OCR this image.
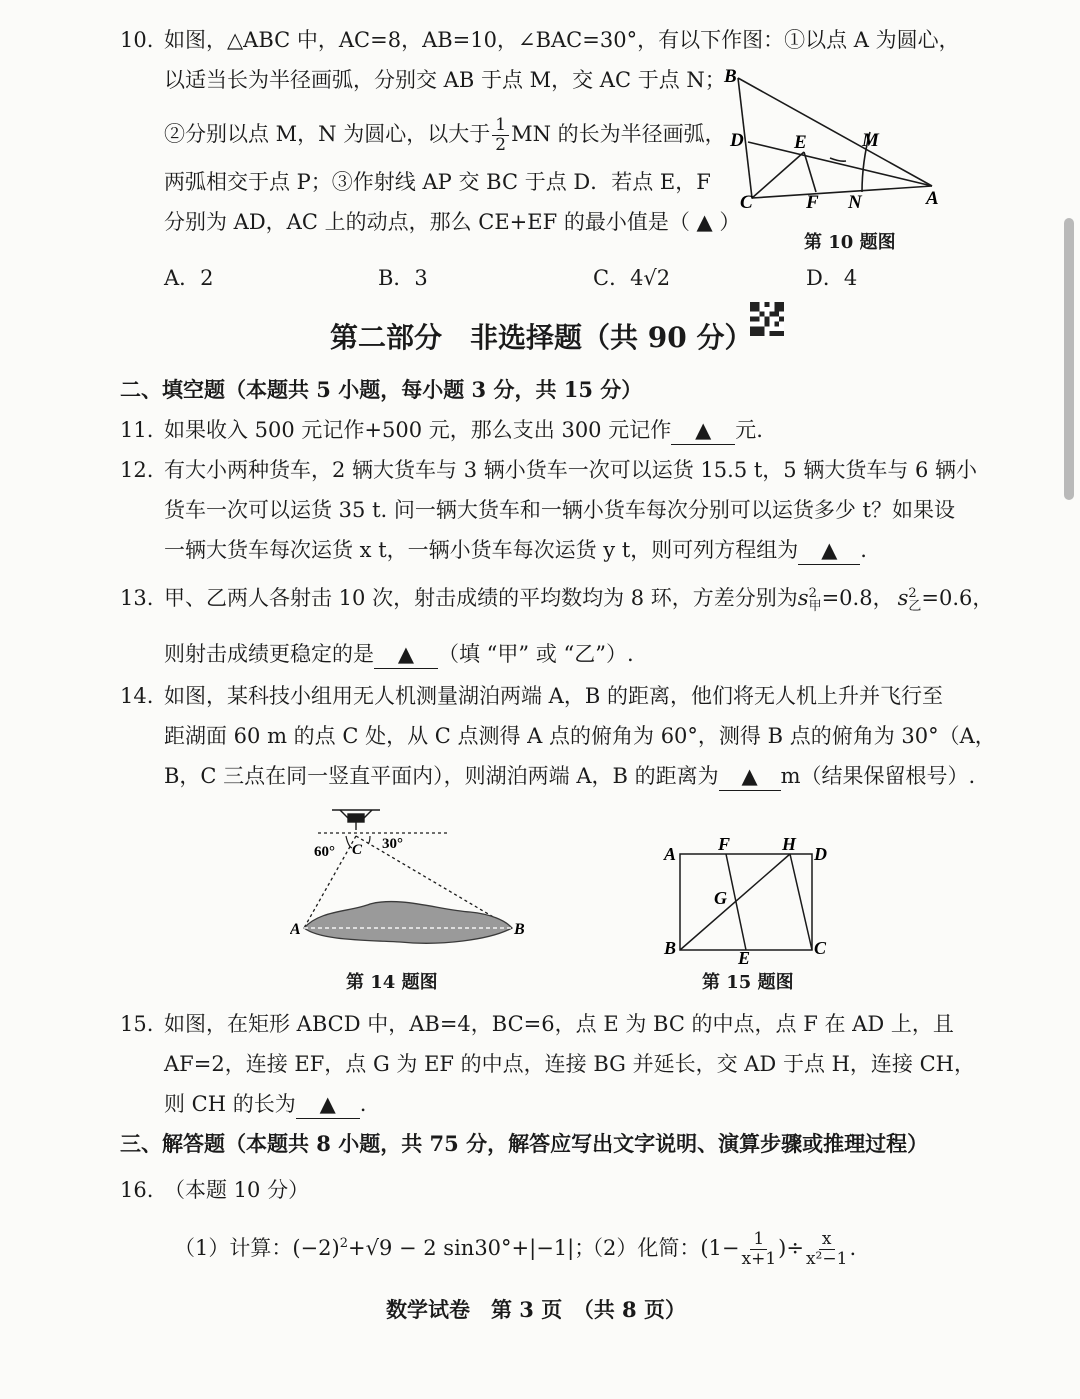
10. 如图，△ABC 中，AC=8，AB=10，∠BAC=30°，有以下作图：①以点 A 为圆心，
以适当长为半径画弧，分别交 AB 于点 M，交 AC 于点 N；
②分别以点 M，N 为圆心，以大于 $\frac{1}{2}$ MN 的长为半径画弧，
两弧相交于点 P；③作射线 AP 交 BC 于点 D．若点 E，F
分别为 AD，AC 上的动点，那么 CE+EF 的最小值是（ ▲ ）
B
D	E	M
C	F N	A
第 10 题图
A．2	B．3	C．4√2	D．4
第二部分　非选择题（共 90 分）
二、填空题（本题共 5 小题，每小题 3 分，共 15 分）
11. 如果收入 500 元记作+500 元，那么支出 300 元记作 ▲ 元.
12. 有大小两种货车，2 辆大货车与 3 辆小货车一次可以运货 15.5 t，5 辆大货车与 6 辆小
货车一次可以运货 35 t. 问一辆大货车和一辆小货车每次分别可以运货多少 t？如果设
一辆大货车每次运货 x t，一辆小货车每次运货 y t，则可列方程组为 ▲ .
13. 甲、乙两人各射击 10 次，射击成绩的平均数均为 8 环，方差分别为s 2
甲 =0.8， s 2
乙 =0.6，
则射击成绩更稳定的是 ▲ （填 “甲” 或 “乙”）.
14. 如图，某科技小组用无人机测量湖泊两端 A，B 的距离，他们将无人机上升并飞行至
距湖面 60 m 的点 C 处，从 C 点测得 A 点的俯角为 60°，测得 B 点的俯角为 30°（A，
B，C 三点在同一竖直平面内），则湖泊两端 A，B 的距离为 ▲ m（结果保留根号）.
60°	30°
C
A	B
第 14 题图
A F	H D
G
B	E	C
第 15 题图
15. 如图，在矩形 ABCD 中，AB=4，BC=6，点 E 为 BC 的中点，点 F 在 AD 上，且
AF=2，连接 EF，点 G 为 EF 的中点，连接 BG 并延长，交 AD 于点 H，连接 CH，
则 CH 的长为 ▲ .
三、解答题（本题共 8 小题，共 75 分，解答应写出文字说明、演算步骤或推理过程）
16. （本题 10 分）
（1）计算：$(-2)^2+√9 - 2$ sin30°+|−1|；
（2）化简：($1- \frac{1}{x+1}$ )÷ $\frac{x}{\text{x²−1}}$ .
数学试卷　第 3 页　（共 8 页）
